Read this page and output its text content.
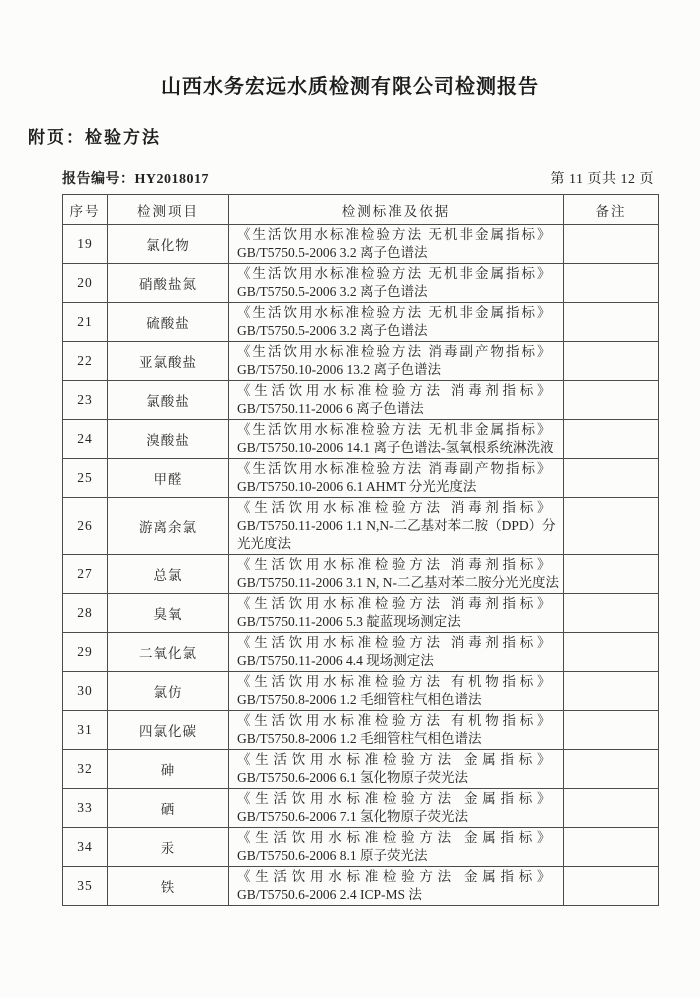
山西水务宏远水质检测有限公司检测报告
附页：检验方法
报告编号：HY2018017	第 11 页共 12 页
序号	检测项目	检测标准及依据	备注
19	氯化物	《生活饮用水标准检验方法 无机非金属指标》
GB/T5750.5-2006 3.2 离子色谱法	

20	硝酸盐氮	《生活饮用水标准检验方法 无机非金属指标》
GB/T5750.5-2006 3.2 离子色谱法	

21	硫酸盐	《生活饮用水标准检验方法 无机非金属指标》
GB/T5750.5-2006 3.2 离子色谱法	

22	亚氯酸盐	《生活饮用水标准检验方法 消毒副产物指标》
GB/T5750.10-2006 13.2 离子色谱法	

23	氯酸盐	《生活饮用水标准检验方法 消毒剂指标》
GB/T5750.11-2006 6 离子色谱法	

24	溴酸盐	《生活饮用水标准检验方法 无机非金属指标》
GB/T5750.10-2006 14.1 离子色谱法-氢氧根系统淋洗液	

25	甲醛	《生活饮用水标准检验方法 消毒副产物指标》
GB/T5750.10-2006 6.1 AHMT 分光光度法	

26	游离余氯	《生活饮用水标准检验方法 消毒剂指标》
GB/T5750.11-2006 1.1 N,N-二乙基对苯二胺（DPD）分光光度法	

27	总氯	《生活饮用水标准检验方法 消毒剂指标》
GB/T5750.11-2006 3.1 N, N-二乙基对苯二胺分光光度法	

28	臭氧	《生活饮用水标准检验方法 消毒剂指标》
GB/T5750.11-2006 5.3 靛蓝现场测定法	

29	二氧化氯	《生活饮用水标准检验方法 消毒剂指标》
GB/T5750.11-2006 4.4 现场测定法	

30	氯仿	《生活饮用水标准检验方法 有机物指标》
GB/T5750.8-2006 1.2 毛细管柱气相色谱法	

31	四氯化碳	《生活饮用水标准检验方法 有机物指标》
GB/T5750.8-2006 1.2 毛细管柱气相色谱法	

32	砷	《生活饮用水标准检验方法 金属指标》
GB/T5750.6-2006 6.1 氢化物原子荧光法	

33	硒	《生活饮用水标准检验方法 金属指标》
GB/T5750.6-2006 7.1 氢化物原子荧光法	

34	汞	《生活饮用水标准检验方法 金属指标》
GB/T5750.6-2006 8.1 原子荧光法	

35	铁	《生活饮用水标准检验方法 金属指标》
GB/T5750.6-2006 2.4 ICP-MS 法	
